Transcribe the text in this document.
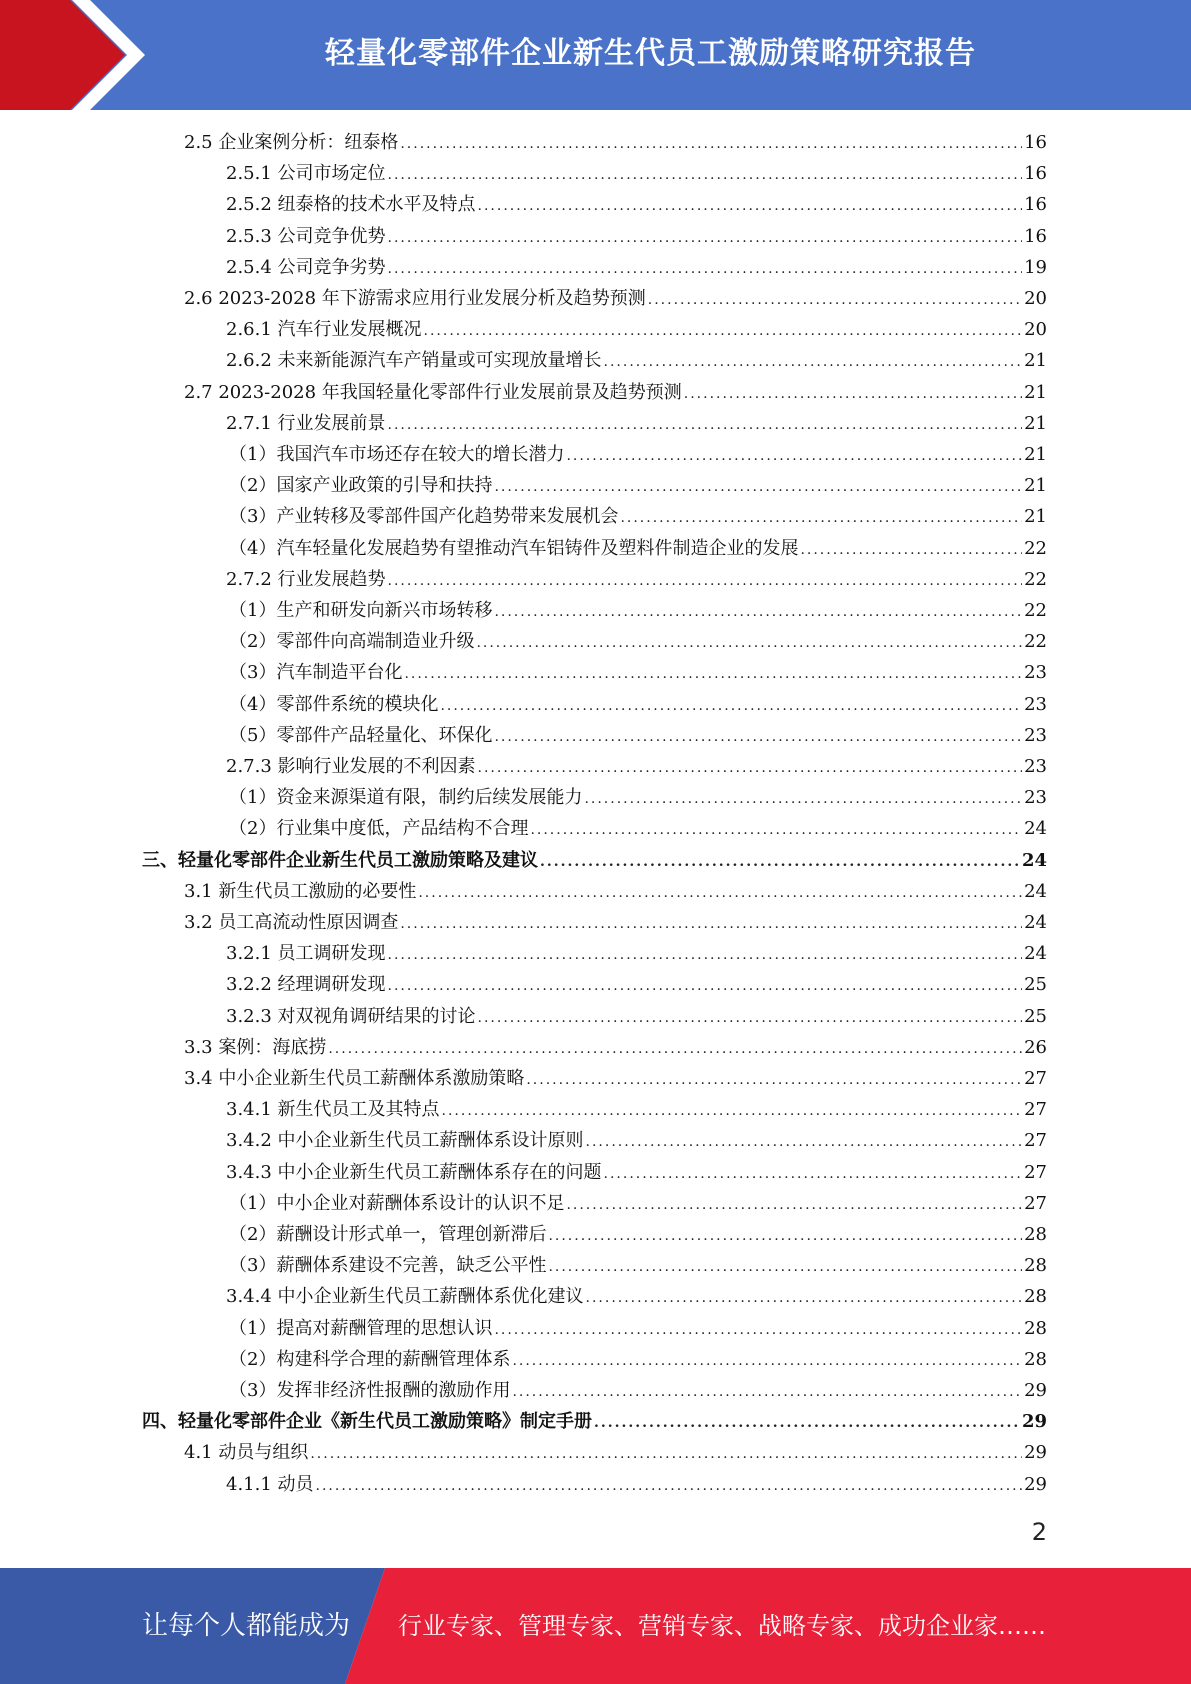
轻量化零部件企业新生代员工激励策略研究报告
2.5 企业案例分析：纽泰格 .....	16
2.5.1 公司市场定位 .....	16
2.5.2 纽泰格的技术水平及特点 .....	16
2.5.3 公司竞争优势 .....	16
2.5.4 公司竞争劣势 .....	19
2.6 2023-2028 年下游需求应用行业发展分析及趋势预测 .....	20
2.6.1 汽车行业发展概况 .....	20
2.6.2 未来新能源汽车产销量或可实现放量增长 .....	21
2.7 2023-2028 年我国轻量化零部件行业发展前景及趋势预测 .....	21
2.7.1 行业发展前景 .....	21
（1）我国汽车市场还存在较大的增长潜力 .....	21
（2）国家产业政策的引导和扶持 .....	21
（3）产业转移及零部件国产化趋势带来发展机会 .....	21
（4）汽车轻量化发展趋势有望推动汽车铝铸件及塑料件制造企业的发展 .....	22
2.7.2 行业发展趋势 .....	22
（1）生产和研发向新兴市场转移 .....	22
（2）零部件向高端制造业升级 .....	22
（3）汽车制造平台化 .....	23
（4）零部件系统的模块化 .....	23
（5）零部件产品轻量化、环保化 .....	23
2.7.3 影响行业发展的不利因素 .....	23
（1）资金来源渠道有限，制约后续发展能力 .....	23
（2）行业集中度低，产品结构不合理 .....	24
三、轻量化零部件企业新生代员工激励策略及建议 .....	24
3.1 新生代员工激励的必要性 .....	24
3.2 员工高流动性原因调查 .....	24
3.2.1 员工调研发现 .....	24
3.2.2 经理调研发现 .....	25
3.2.3 对双视角调研结果的讨论 .....	25
3.3 案例：海底捞 .....	26
3.4 中小企业新生代员工薪酬体系激励策略 .....	27
3.4.1 新生代员工及其特点 .....	27
3.4.2 中小企业新生代员工薪酬体系设计原则 .....	27
3.4.3 中小企业新生代员工薪酬体系存在的问题 .....	27
（1）中小企业对薪酬体系设计的认识不足 .....	27
（2）薪酬设计形式单一，管理创新滞后 .....	28
（3）薪酬体系建设不完善，缺乏公平性 .....	28
3.4.4 中小企业新生代员工薪酬体系优化建议 .....	28
（1）提高对薪酬管理的思想认识 .....	28
（2）构建科学合理的薪酬管理体系 .....	28
（3）发挥非经济性报酬的激励作用 .....	29
四、轻量化零部件企业《新生代员工激励策略》制定手册 .....	29
4.1 动员与组织 .....	29
4.1.1 动员 .....	29
2
让每个人都能成为 行业专家、管理专家、营销专家、战略专家、成功企业家……
